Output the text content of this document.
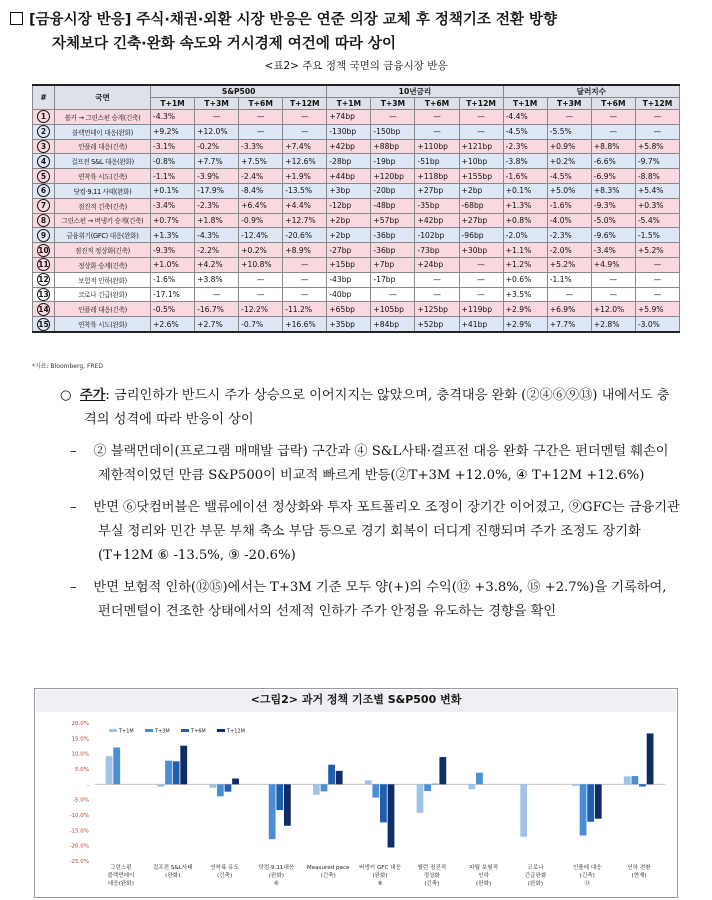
[금융시장 반응] 주식·채권·외환 시장 반응은 연준 의장 교체 후 정책기조 전환 방향
자체보다 긴축·완화 속도와 거시경제 여건에 따라 상이
<표2> 주요 정책 국면의 금융시장 반응
#	국면	S&P500				10년금리				달러지수			
		T+1M	T+3M	T+6M	T+12M	T+1M	T+3M	T+6M	T+12M	T+1M	T+3M	T+6M	T+12M
1	볼커 → 그린스펀 승계(긴축)	-4.3%	—	—	—	+74bp	—	—	—	-4.4%	—	—	—
2	블랙먼데이 대응(완화)	+9.2%	+12.0%	—	—	-130bp	-150bp	—	—	-4.5%	-5.5%	—	—
3	인플레 대응(긴축)	-3.1%	-0.2%	-3.3%	+7.4%	+42bp	+88bp	+110bp	+121bp	-2.3%	+0.9%	+8.8%	+5.8%
4	걸프전 S&L 대응(완화)	-0.8%	+7.7%	+7.5%	+12.6%	-28bp	-19bp	-51bp	+10bp	-3.8%	+0.2%	-6.6%	-9.7%
5	연착륙 시도(긴축)	-1.1%	-3.9%	-2.4%	+1.9%	+44bp	+120bp	+118bp	+155bp	-1.6%	-4.5%	-6.9%	-8.8%
6	닷컴·9.11 사태(완화)	+0.1%	-17.9%	-8.4%	-13.5%	+3bp	-20bp	+27bp	+2bp	+0.1%	+5.0%	+8.3%	+5.4%
7	점진적 긴축(긴축)	-3.4%	-2.3%	+6.4%	+4.4%	-12bp	-48bp	-35bp	-68bp	+1.3%	-1.6%	-9.3%	+0.3%
8	그린스펀 → 버냉키 승계(긴축)	+0.7%	+1.8%	-0.9%	+12.7%	+2bp	+57bp	+42bp	+27bp	+0.8%	-4.0%	-5.0%	-5.4%
9	금융위기(GFC) 대응(완화)	+1.3%	-4.3%	-12.4%	-20.6%	+2bp	-36bp	-102bp	-96bp	-2.0%	-2.3%	-9.6%	-1.5%
10	점진적 정상화(긴축)	-9.3%	-2.2%	+0.2%	+8.9%	-27bp	-36bp	-73bp	+30bp	+1.1%	-2.0%	-3.4%	+5.2%
11	정상화 승계(긴축)	+1.0%	+4.2%	+10.8%	—	+15bp	+7bp	+24bp	—	+1.2%	+5.2%	+4.9%	—
12	보험적 인하(완화)	-1.6%	+3.8%	—	—	-43bp	-17bp	—	—	+0.6%	-1.1%	—	—
13	코로나 긴급(완화)	-17.1%	—	—	—	-40bp	—	—	—	+3.5%	—	—	—
14	인플레 대응(긴축)	-0.5%	-16.7%	-12.2%	-11.2%	+65bp	+105bp	+125bp	+119bp	+2.9%	+6.9%	+12.0%	+5.9%
15	연착륙 시도(완화)	+2.6%	+2.7%	-0.7%	+16.6%	+35bp	+84bp	+52bp	+41bp	+2.9%	+7.7%	+2.8%	-3.0%
*자료: Bloomberg, FRED
○ 주가: 금리인하가 반드시 주가 상승으로 이어지지는 않았으며, 충격대응 완화 (②④⑥⑨⑬) 내에서도 충격의 성격에 따라 반응이 상이
– ② 블랙먼데이(프로그램 매매발 급락) 구간과 ④ S&L사태·걸프전 대응 완화 구간은 펀더멘털 훼손이 제한적이었던 만큼 S&P500이 비교적 빠르게 반등(②T+3M +12.0%, ④ T+12M +12.6%)
– 반면 ⑥닷컴버블은 밸류에이션 정상화와 투자 포트폴리오 조정이 장기간 이어졌고, ⑨GFC는 금융기관 부실 정리와 민간 부문 부채 축소 부담 등으로 경기 회복이 더디게 진행되며 주가 조정도 장기화(T+12M ⑥ -13.5%, ⑨ -20.6%)
– 반면 보험적 인하(⑫⑮)에서는 T+3M 기준 모두 양(+)의 수익(⑫ +3.8%, ⑮ +2.7%)을 기록하여, 펀더멘털이 견조한 상태에서의 선제적 인하가 주가 안정을 유도하는 경향을 확인
<그림2> 과거 정책 기조별 S&P500 변화
20.0%
15.0%
10.0%
5.0%
-
-5.0%
-10.0%
-15.0%
-20.0%
-25.0%
그린스펀
블랙먼데이
대응(완화)
걸프전 S&L사태
(완화)
연착륙 유도
(긴축)
닷컴·9.11대응
(완화)
⑥
Measured pace
(긴축)
버냉키 GFC 대응
(완화)
⑨
옐런 점진적
정상화
(긴축)
파월 보험적
인하
(완화)
코로나
긴급완화
(완화)
인플레 대응
(긴축)
⑭
인하 전환
(현재)
T+1M	T+3M	T+6M	T+12M
